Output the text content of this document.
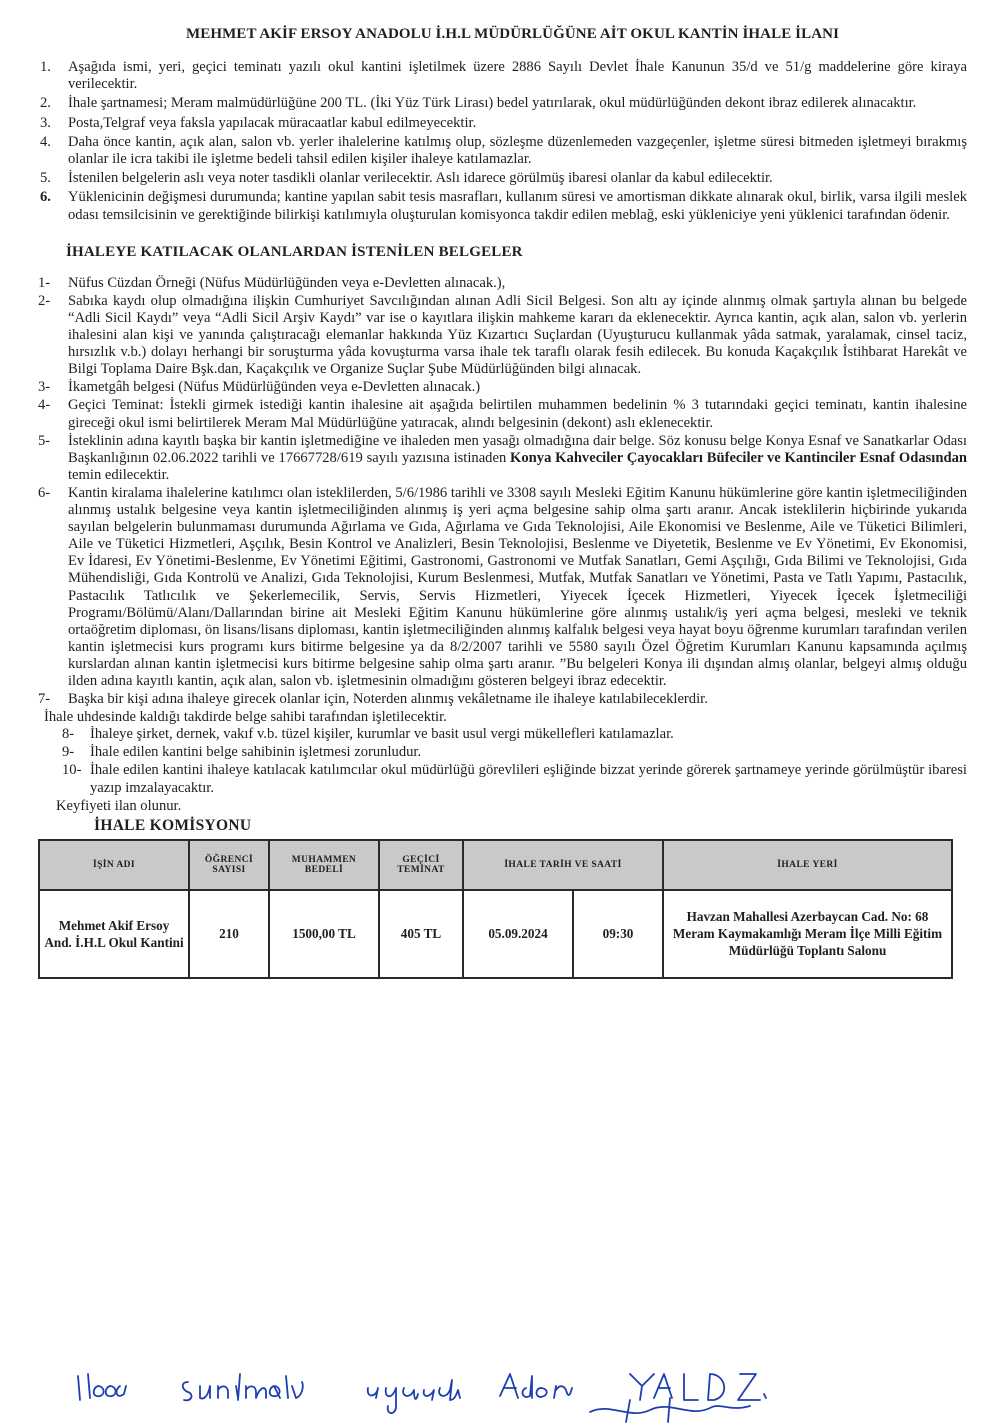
MEHMET AKİF ERSOY ANADOLU İ.H.L MÜDÜRLÜĞÜNE AİT OKUL KANTİN İHALE İLANI
1. Aşağıda ismi, yeri, geçici teminatı yazılı okul kantini işletilmek üzere 2886 Sayılı Devlet İhale Kanunun 35/d ve 51/g maddelerine göre kiraya verilecektir.
2. İhale şartnamesi; Meram malmüdürlüğüne 200 TL. (İki Yüz Türk Lirası) bedel yatırılarak, okul müdürlüğünden dekont ibraz edilerek alınacaktır.
3. Posta,Telgraf veya faksla yapılacak müracaatlar kabul edilmeyecektir.
4. Daha önce kantin, açık alan, salon vb. yerler ihalelerine katılmış olup, sözleşme düzenlemeden vazgeçenler, işletme süresi bitmeden işletmeyi bırakmış olanlar ile icra takibi ile işletme bedeli tahsil edilen kişiler ihaleye katılamazlar.
5. İstenilen belgelerin aslı veya noter tasdikli olanlar verilecektir. Aslı idarece görülmüş ibaresi olanlar da kabul edilecektir.
6. Yüklenicinin değişmesi durumunda; kantine yapılan sabit tesis masrafları, kullanım süresi ve amortisman dikkate alınarak okul, birlik, varsa ilgili meslek odası temsilcisinin ve gerektiğinde bilirkişi katılımıyla oluşturulan komisyonca takdir edilen meblağ, eski yükleniciye yeni yüklenici tarafından ödenir.
İHALEYE KATILACAK OLANLARDAN İSTENİLEN BELGELER
1- Nüfus Cüzdan Örneği (Nüfus Müdürlüğünden veya e-Devletten alınacak.),
2- Sabıka kaydı olup olmadığına ilişkin Cumhuriyet Savcılığından alınan Adli Sicil Belgesi. Son altı ay içinde alınmış olmak şartıyla alınan bu belgede “Adli Sicil Kaydı” veya “Adli Sicil Arşiv Kaydı” var ise o kayıtlara ilişkin mahkeme kararı da eklenecektir. Ayrıca kantin, açık alan, salon vb. yerlerin ihalesini alan kişi ve yanında çalıştıracağı elemanlar hakkında Yüz Kızartıcı Suçlardan (Uyuşturucu kullanmak yâda satmak, yaralamak, cinsel taciz, hırsızlık v.b.) dolayı herhangi bir soruşturma yâda kovuşturma varsa ihale tek taraflı olarak fesih edilecek. Bu konuda Kaçakçılık İstihbarat Harekât ve Bilgi Toplama Daire Bşk.dan, Kaçakçılık ve Organize Suçlar Şube Müdürlüğünden bilgi alınacak.
3- İkametgâh belgesi (Nüfus Müdürlüğünden veya e-Devletten alınacak.)
4- Geçici Teminat: İstekli girmek istediği kantin ihalesine ait aşağıda belirtilen muhammen bedelinin % 3 tutarındaki geçici teminatı, kantin ihalesine gireceği okul ismi belirtilerek Meram Mal Müdürlüğüne yatıracak, alındı belgesinin (dekont) aslı eklenecektir.
5- İsteklinin adına kayıtlı başka bir kantin işletmediğine ve ihaleden men yasağı olmadığına dair belge. Söz konusu belge Konya Esnaf ve Sanatkarlar Odası Başkanlığının 02.06.2022 tarihli ve 17667728/619 sayılı yazısına istinaden Konya Kahveciler Çayocakları Büfeciler ve Kantinciler Esnaf Odasından temin edilecektir.
6- Kantin kiralama ihalelerine katılımcı olan isteklilerden, 5/6/1986 tarihli ve 3308 sayılı Mesleki Eğitim Kanunu hükümlerine göre kantin işletmeciliğinden alınmış ustalık belgesine veya kantin işletmeciliğinden alınmış iş yeri açma belgesine sahip olma şartı aranır. Ancak isteklilerin hiçbirinde yukarıda sayılan belgelerin bulunmaması durumunda Ağırlama ve Gıda, Ağırlama ve Gıda Teknolojisi, Aile Ekonomisi ve Beslenme, Aile ve Tüketici Bilimleri, Aile ve Tüketici Hizmetleri, Aşçılık, Besin Kontrol ve Analizleri, Besin Teknolojisi, Beslenme ve Diyetetik, Beslenme ve Ev Yönetimi, Ev Ekonomisi, Ev İdaresi, Ev Yönetimi-Beslenme, Ev Yönetimi Eğitimi, Gastronomi, Gastronomi ve Mutfak Sanatları, Gemi Aşçılığı, Gıda Bilimi ve Teknolojisi, Gıda Mühendisliği, Gıda Kontrolü ve Analizi, Gıda Teknolojisi, Kurum Beslenmesi, Mutfak, Mutfak Sanatları ve Yönetimi, Pasta ve Tatlı Yapımı, Pastacılık, Pastacılık Tatlıcılık ve Şekerlemecilik, Servis, Servis Hizmetleri, Yiyecek İçecek Hizmetleri, Yiyecek İçecek İşletmeciliği Programı/Bölümü/Alanı/Dallarından birine ait Mesleki Eğitim Kanunu hükümlerine göre alınmış ustalık/iş yeri açma belgesi, mesleki ve teknik ortaöğretim diploması, ön lisans/lisans diploması, kantin işletmeciliğinden alınmış kalfalık belgesi veya hayat boyu öğrenme kurumları tarafından verilen kantin işletmecisi kurs programı kurs bitirme belgesine ya da 8/2/2007 tarihli ve 5580 sayılı Özel Öğretim Kurumları Kanunu kapsamında açılmış kurslardan alınan kantin işletmecisi kurs bitirme belgesine sahip olma şartı aranır. ”Bu belgeleri Konya ili dışından almış olanlar, belgeyi almış olduğu ilden adına kayıtlı kantin, açık alan, salon vb. işletmesinin olmadığını gösteren belgeyi ibraz edecektir.
7- Başka bir kişi adına ihaleye girecek olanlar için, Noterden alınmış vekâletname ile ihaleye katılabileceklerdir.
İhale uhdesinde kaldığı takdirde belge sahibi tarafından işletilecektir.
8- İhaleye şirket, dernek, vakıf v.b. tüzel kişiler, kurumlar ve basit usul vergi mükellefleri katılamazlar.
9- İhale edilen kantini belge sahibinin işletmesi zorunludur.
10- İhale edilen kantini ihaleye katılacak katılımcılar okul müdürlüğü görevlileri eşliğinde bizzat yerinde görerek şartnameye yerinde görülmüştür ibaresi yazıp imzalayacaktır.
Keyfiyeti ilan olunur.
İHALE KOMİSYONU
İŞİN ADI	ÖĞRENCİ SAYISI	MUHAMMEN BEDELİ	GEÇİCİ TEMİNAT	İHALE TARİH VE SAATİ		İHALE YERİ
Mehmet Akif Ersoy And. İ.H.L Okul Kantini	210	1500,00 TL	405 TL	05.09.2024	09:30	Havzan Mahallesi Azerbaycan Cad. No: 68 Meram Kaymakamlığı Meram İlçe Milli Eğitim Müdürlüğü Toplantı Salonu
